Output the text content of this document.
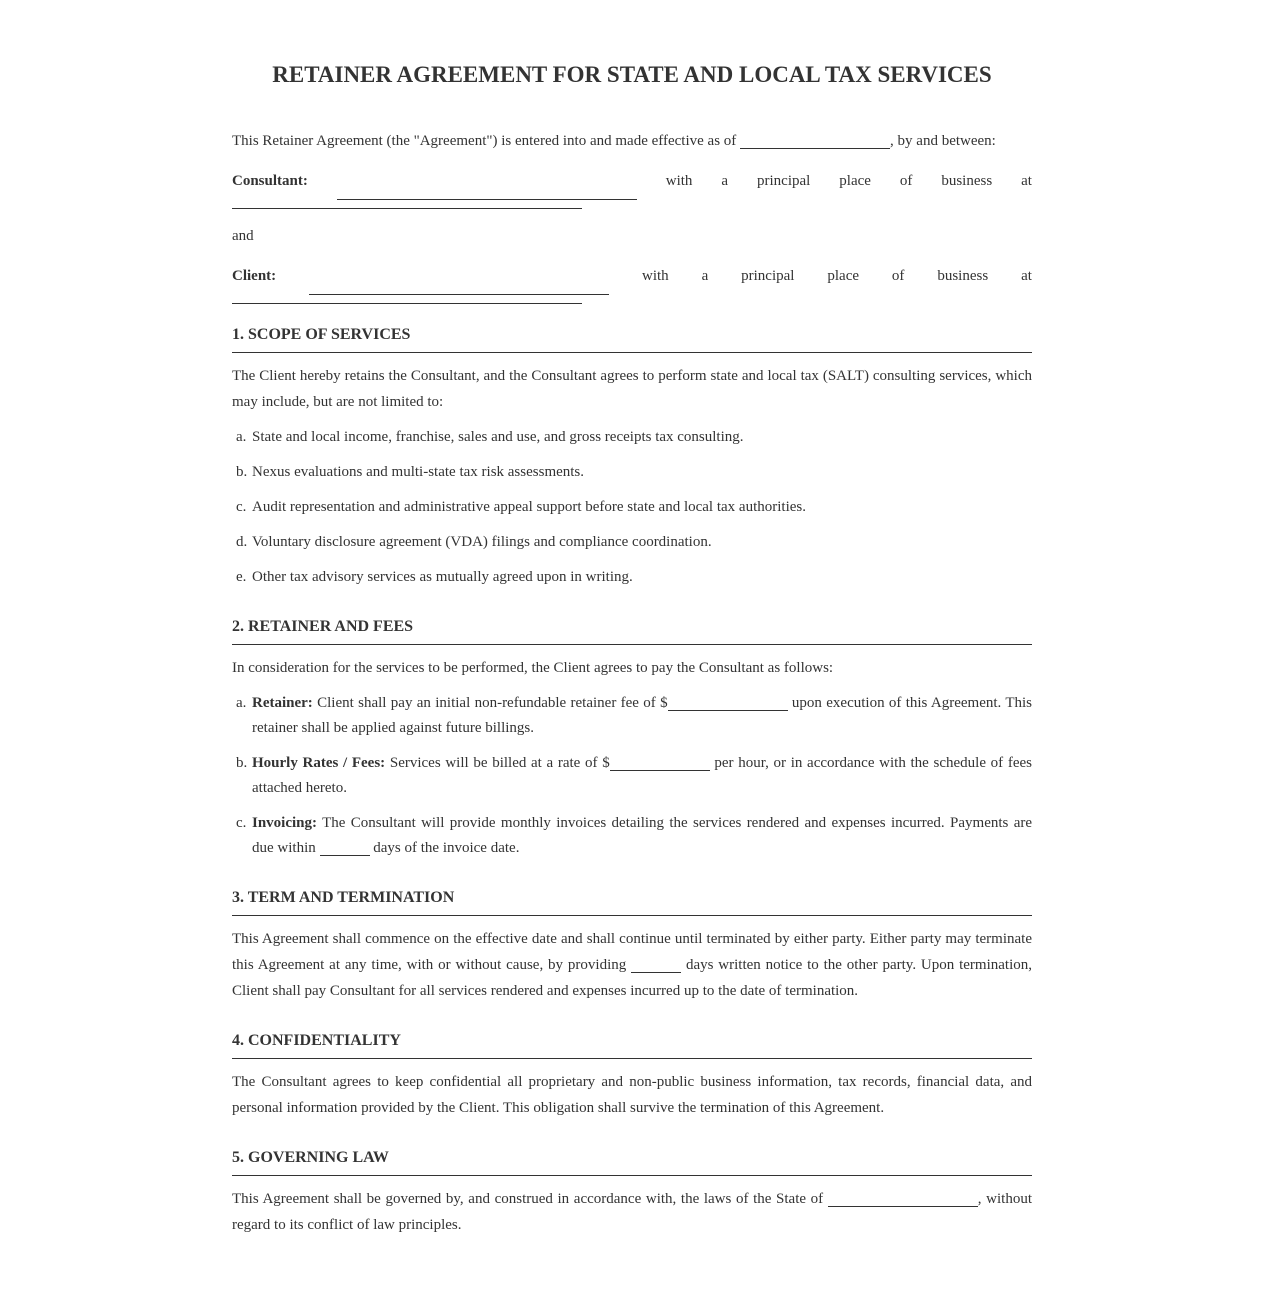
RETAINER AGREEMENT FOR STATE AND LOCAL TAX SERVICES

This Retainer Agreement (the "Agreement") is entered into and made effective as of	, by and between:

Consultant:	with a principal place of business at

and

Client:	with a principal place of business at
1. SCOPE OF SERVICES

The Client hereby retains the Consultant, and the Consultant agrees to perform state and local tax (SALT) consulting services, which may include, but are not limited to:

a. State and local income, franchise, sales and use, and gross receipts tax consulting.
b. Nexus evaluations and multi-state tax risk assessments.
c. Audit representation and administrative appeal support before state and local tax authorities.
d. Voluntary disclosure agreement (VDA) filings and compliance coordination.
e. Other tax advisory services as mutually agreed upon in writing.
2. RETAINER AND FEES

In consideration for the services to be performed, the Client agrees to pay the Consultant as follows:

a. Retainer: Client shall pay an initial non-refundable retainer fee of $	upon execution of this Agreement. This retainer shall be applied against future billings.
b. Hourly Rates / Fees: Services will be billed at a rate of $	per hour, or in accordance with the schedule of fees attached hereto.
c. Invoicing: The Consultant will provide monthly invoices detailing the services rendered and expenses incurred. Payments are due within	days of the invoice date.
3. TERM AND TERMINATION

This Agreement shall commence on the effective date and shall continue until terminated by either party. Either party may terminate this Agreement at any time, with or without cause, by providing	days written notice to the other party. Upon termination, Client shall pay Consultant for all services rendered and expenses incurred up to the date of termination.

4. CONFIDENTIALITY

The Consultant agrees to keep confidential all proprietary and non-public business information, tax records, financial data, and personal information provided by the Client. This obligation shall survive the termination of this Agreement.

5. GOVERNING LAW

This Agreement shall be governed by, and construed in accordance with, the laws of the State of	, without regard to its conflict of law principles.
